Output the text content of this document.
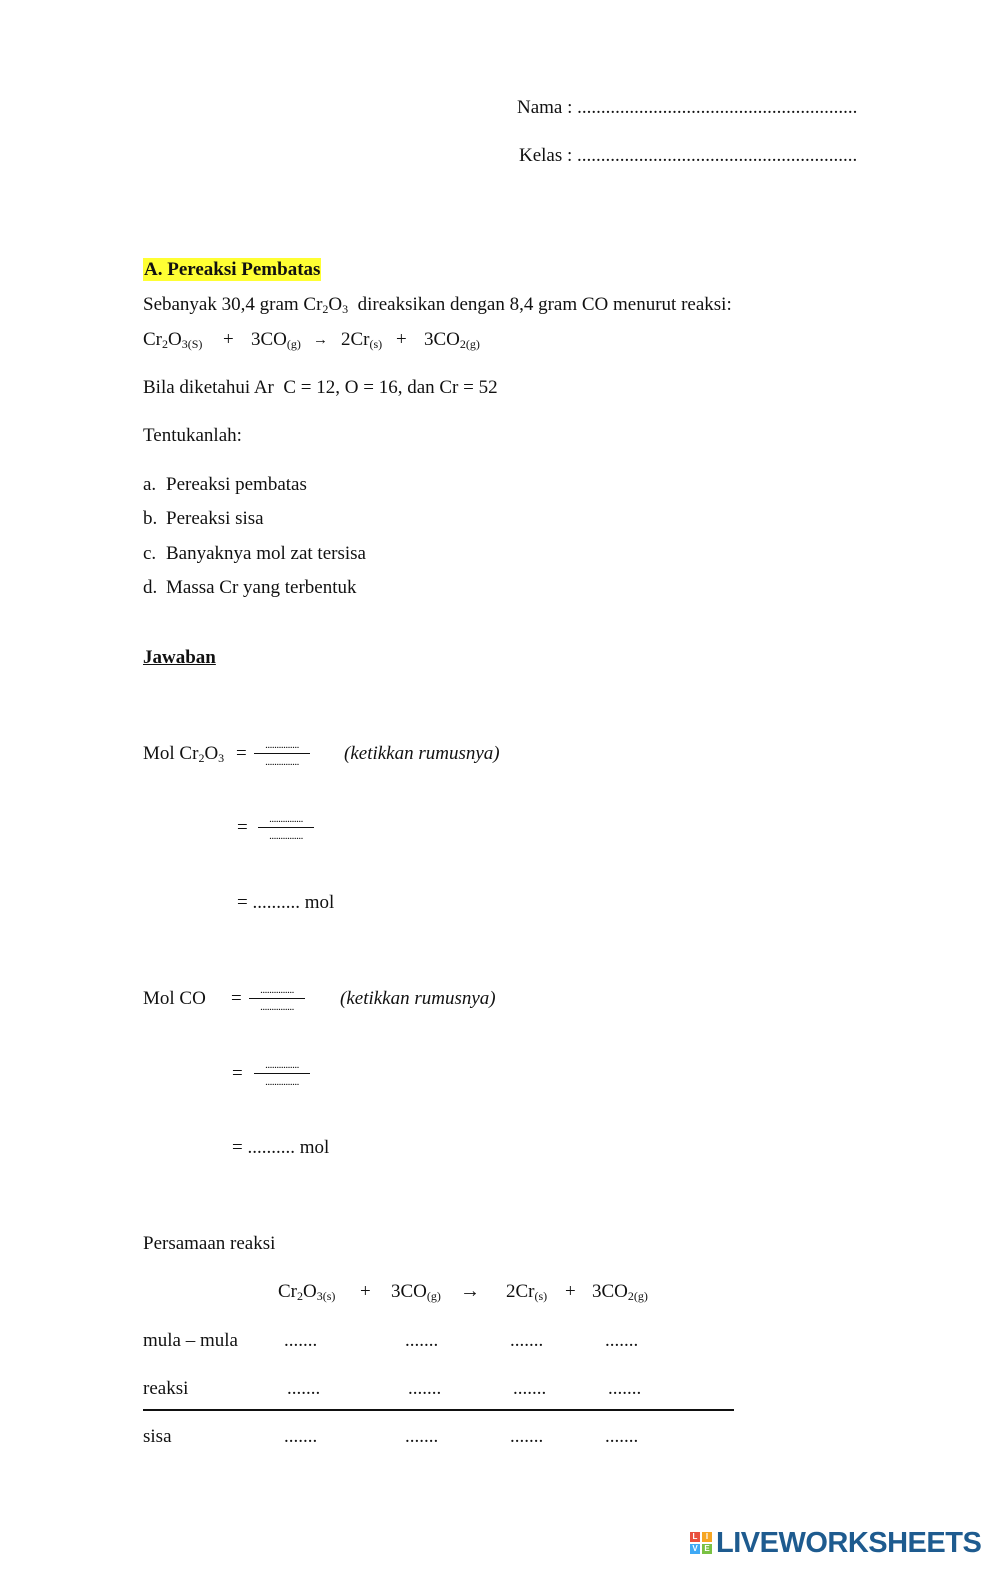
Nama : ...........................................................
Kelas : ...........................................................
A. Pereaksi Pembatas
Sebanyak 30,4 gram $Cr_2O_3$  direaksikan dengan 8,4 gram CO menurut reaksi:
$Cr_2O_{3(S)} + 3CO_{(g)} \to 2Cr_{(s)} + 3CO_{2(g)}$
Bila diketahui Ar  C = 12, O = 16, dan Cr = 52
Tentukanlah:
a. Pereaksi pembatas
b. Pereaksi sisa
c. Banyaknya mol zat tersisa
d. Massa Cr yang terbentuk
Jawaban
Mol $Cr_2O_3$ =	...............
...............	(ketikkan rumusnya)
=	...............
...............
= .......... mol
Mol CO =	...............
...............	(ketikkan rumusnya)
=	...............
...............
= .......... mol
Persamaan reaksi
$Cr_2O_{3(s)} + 3CO_{(g)} \to 2Cr_{(s)} + 3CO_{2(g)}$
mula – mula .......	.......	.......	.......
reaksi	.......	.......	.......	.......
sisa	.......	.......	.......	.......
L	I
V E LIVEWORKSHEETS
